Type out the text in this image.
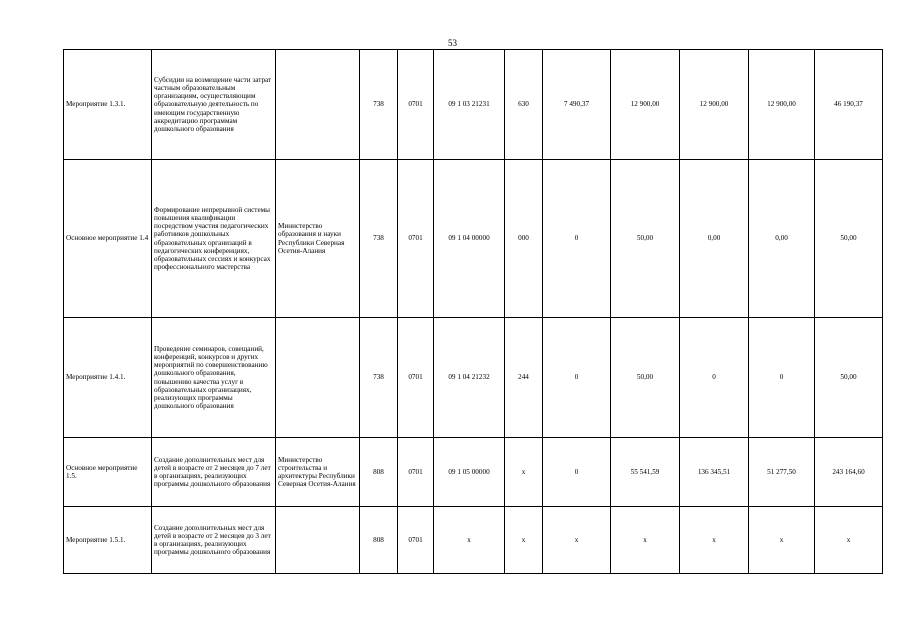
53
Мероприятие 1.3.1.	Субсидии на возмещение части затрат частным образовательным организациям, осуществляющим образовательную деятельность по имеющим государственную аккредитацию программам дошкольного образования		738	0701	09 1 03 21231	630	7 490,37	12 900,00	12 900,00	12 900,00	46 190,37
Основное мероприятие 1.4	Формирование непрерывной системы повышения квалификации посредством участия педагогических работников дошкольных образовательных организаций в педагогических конференциях, образовательных сессиях и конкурсах профессионального мастерства	Министерство образования и науки Республики Северная Осетия-Алания	738	0701	09 1 04 00000	000	0	50,00	0,00	0,00	50,00
Мероприятие 1.4.1.	Проведение семинаров, совещаний, конференций, конкурсов и других мероприятий по совершенствованию дошкольного образования, повышению качества услуг в образовательных организациях, реализующих программы дошкольного образования		738	0701	09 1 04 21232	244	0	50,00	0	0	50,00
Основное мероприятие 1.5.	Создание дополнительных мест для детей в возрасте от 2 месяцев до 7 лет в организациях, реализующих программы дошкольного образования	Министерство строительства и архитектуры Республики Северная Осетия-Алания	808	0701	09 1 05 00000	х	0	55 541,59	136 345,51	51 277,50	243 164,60
Мероприятие 1.5.1.	Создание дополнительных мест для детей в возрасте от 2 месяцев до 3 лет в организациях, реализующих программы дошкольного образования		808	0701	х	х	х	х	х	х	х
